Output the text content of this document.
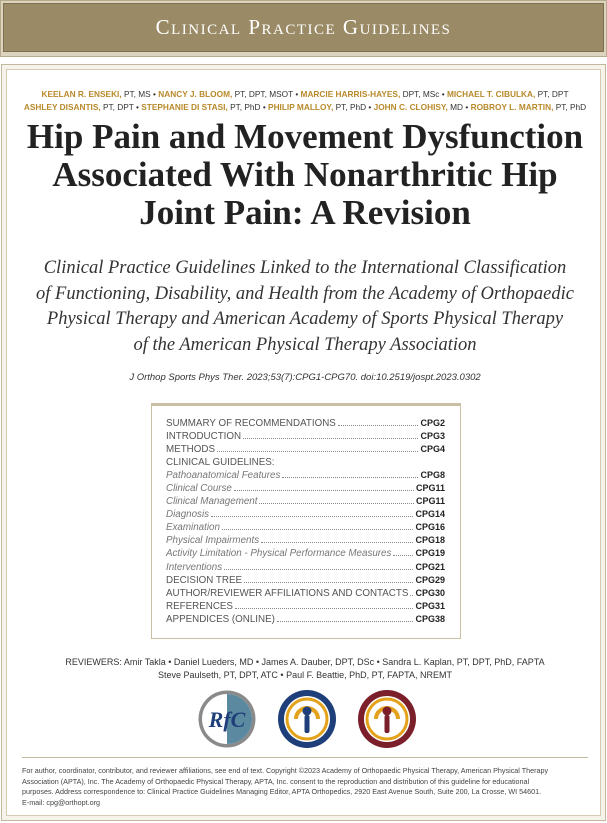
Clinical Practice Guidelines
KEELAN R. ENSEKI, PT, MS • NANCY J. BLOOM, PT, DPT, MSOT • MARCIE HARRIS-HAYES, DPT, MSc • MICHAEL T. CIBULKA, PT, DPT
ASHLEY DISANTIS, PT, DPT • STEPHANIE DI STASI, PT, PhD • PHILIP MALLOY, PT, PhD • JOHN C. CLOHISY, MD • ROBROY L. MARTIN, PT, PhD
Hip Pain and Movement Dysfunction
Associated With Nonarthritic Hip
Joint Pain: A Revision
Clinical Practice Guidelines Linked to the International Classification
of Functioning, Disability, and Health from the Academy of Orthopaedic
Physical Therapy and American Academy of Sports Physical Therapy
of the American Physical Therapy Association
J Orthop Sports Phys Ther. 2023;53(7):CPG1-CPG70. doi:10.2519/jospt.2023.0302
SUMMARY OF RECOMMENDATIONS	CPG2
INTRODUCTION	CPG3
METHODS	CPG4
CLINICAL GUIDELINES:
Pathoanatomical Features	CPG8
Clinical Course	CPG11
Clinical Management	CPG11
Diagnosis	CPG14
Examination	CPG16
Physical Impairments	CPG18
Activity Limitation - Physical Performance Measures	CPG19
Interventions	CPG21
DECISION TREE	CPG29
AUTHOR/REVIEWER AFFILIATIONS AND CONTACTS CPG30
REFERENCES	CPG31
APPENDICES (ONLINE)	CPG38
REVIEWERS: Amir Takla • Daniel Lueders, MD • James A. Dauber, DPT, DSc • Sandra L. Kaplan, PT, DPT, PhD, FAPTA
Steve Paulseth, PT, DPT, ATC • Paul F. Beattie, PhD, PT, FAPTA, NREMT
RfC
For author, coordinator, contributor, and reviewer affiliations, see end of text. Copyright ©2023 Academy of Orthopaedic Physical Therapy, American Physical Therapy
Association (APTA), Inc. The Academy of Orthopaedic Physical Therapy, APTA, Inc. consent to the reproduction and distribution of this guideline for educational
purposes. Address correspondence to: Clinical Practice Guidelines Managing Editor, APTA Orthopedics, 2920 East Avenue South, Suite 200, La Crosse, WI 54601.
E-mail: cpg@orthopt.org
